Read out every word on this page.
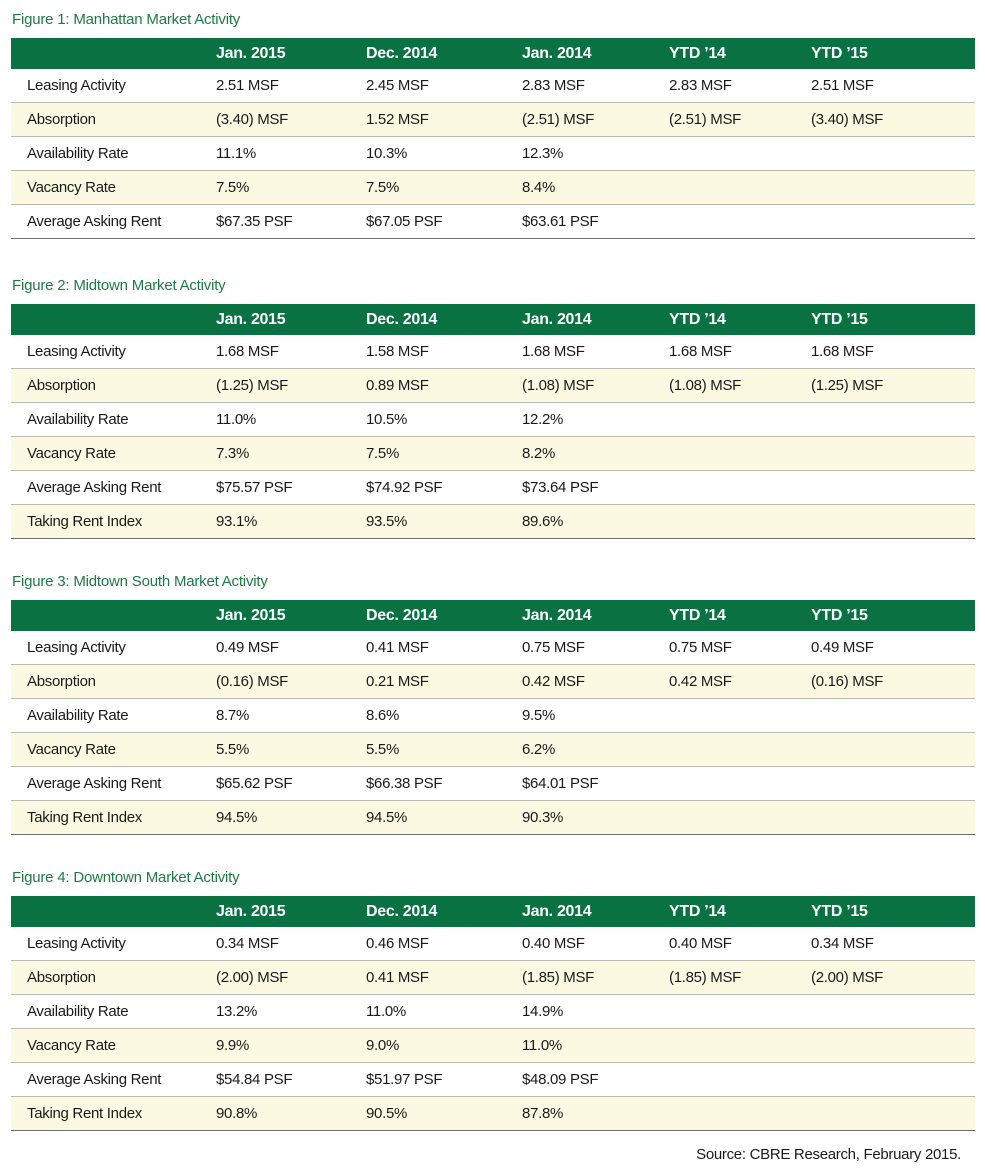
Figure 1: Manhattan Market Activity
	Jan. 2015	Dec. 2014	Jan. 2014	YTD ’14	YTD ’15
Leasing Activity	2.51 MSF	2.45 MSF	2.83 MSF	2.83 MSF	2.51 MSF
Absorption	(3.40) MSF	1.52 MSF	(2.51) MSF	(2.51) MSF	(3.40) MSF
Availability Rate	11.1%	10.3%	12.3%		
Vacancy Rate	7.5%	7.5%	8.4%		
Average Asking Rent	$67.35 PSF	$67.05 PSF	$63.61 PSF		
Figure 2: Midtown Market Activity
	Jan. 2015	Dec. 2014	Jan. 2014	YTD ’14	YTD ’15
Leasing Activity	1.68 MSF	1.58 MSF	1.68 MSF	1.68 MSF	1.68 MSF
Absorption	(1.25) MSF	0.89 MSF	(1.08) MSF	(1.08) MSF	(1.25) MSF
Availability Rate	11.0%	10.5%	12.2%		
Vacancy Rate	7.3%	7.5%	8.2%		
Average Asking Rent	$75.57 PSF	$74.92 PSF	$73.64 PSF		
Taking Rent Index	93.1%	93.5%	89.6%		
Figure 3: Midtown South Market Activity
	Jan. 2015	Dec. 2014	Jan. 2014	YTD ’14	YTD ’15
Leasing Activity	0.49 MSF	0.41 MSF	0.75 MSF	0.75 MSF	0.49 MSF
Absorption	(0.16) MSF	0.21 MSF	0.42 MSF	0.42 MSF	(0.16) MSF
Availability Rate	8.7%	8.6%	9.5%		
Vacancy Rate	5.5%	5.5%	6.2%		
Average Asking Rent	$65.62 PSF	$66.38 PSF	$64.01 PSF		
Taking Rent Index	94.5%	94.5%	90.3%		
Figure 4: Downtown Market Activity
	Jan. 2015	Dec. 2014	Jan. 2014	YTD ’14	YTD ’15
Leasing Activity	0.34 MSF	0.46 MSF	0.40 MSF	0.40 MSF	0.34 MSF
Absorption	(2.00) MSF	0.41 MSF	(1.85) MSF	(1.85) MSF	(2.00) MSF
Availability Rate	13.2%	11.0%	14.9%		
Vacancy Rate	9.9%	9.0%	11.0%		
Average Asking Rent	$54.84 PSF	$51.97 PSF	$48.09 PSF		
Taking Rent Index	90.8%	90.5%	87.8%		
Source: CBRE Research, February 2015.
